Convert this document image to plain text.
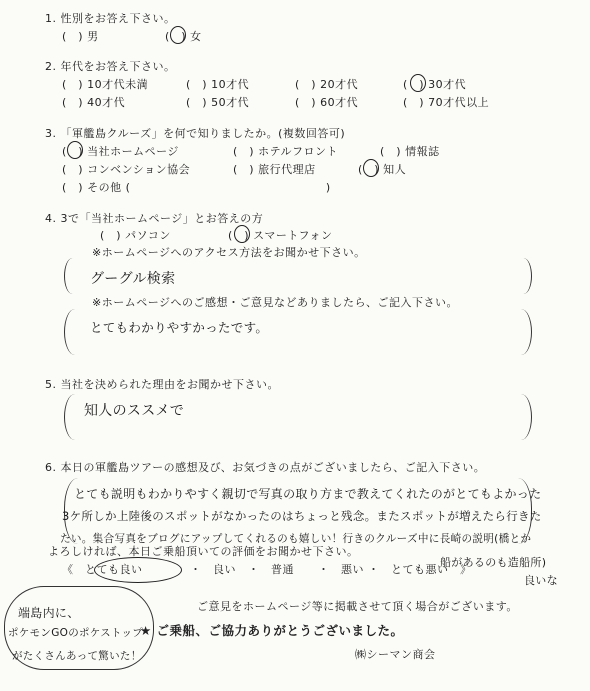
1. 性別をお答え下さい。
(　) 男	(　) 女
2. 年代をお答え下さい。
(　) 10才代未満	(　) 10才代	(　) 20才代	(　) 30才代
(　) 40才代	(　) 50才代	(　) 60才代	(　) 70才代以上
3. 「軍艦島クルーズ」を何で知りましたか。(複数回答可)
(　) 当社ホームページ	(　) ホテルフロント	(　) 情報誌
(　) コンベンション協会	(　) 旅行代理店	(　) 知人
(　) その他 (　　　　　　　　　　　　　　　　　)
4. 3で「当社ホームページ」とお答えの方
(　) パソコン	(　) スマートフォン
※ホームページへのアクセス方法をお聞かせ下さい。
グーグル検索
※ホームページへのご感想・ご意見などありましたら、ご記入下さい。
とてもわかりやすかったです。
5. 当社を決められた理由をお聞かせ下さい。
知人のススメで
6. 本日の軍艦島ツアーの感想及び、お気づきの点がございましたら、ご記入下さい。
とても説明もわかりやすく親切で写真の取り方まで教えてくれたのがとてもよかった
3ケ所しか上陸後のスポットがなかったのはちょっと残念。またスポットが増えたら行きた
たい。集合写真をブログにアップしてくれるのも嬉しい！行きのクルーズ中に長崎の説明(橋とか
船があるのも造船所)
良いな
よろしければ、本日ご乗船頂いての評価をお聞かせ下さい。
《　とても良い	・　良い ・　普通 ・　悪い ・　とても悪い　》
ご意見をホームページ等に掲載させて頂く場合がございます。
★ ご乗船、ご協力ありがとうございました。
㈱シーマン商会
端島内に、
ポケモンGOのポケストップ
がたくさんあって驚いた！
